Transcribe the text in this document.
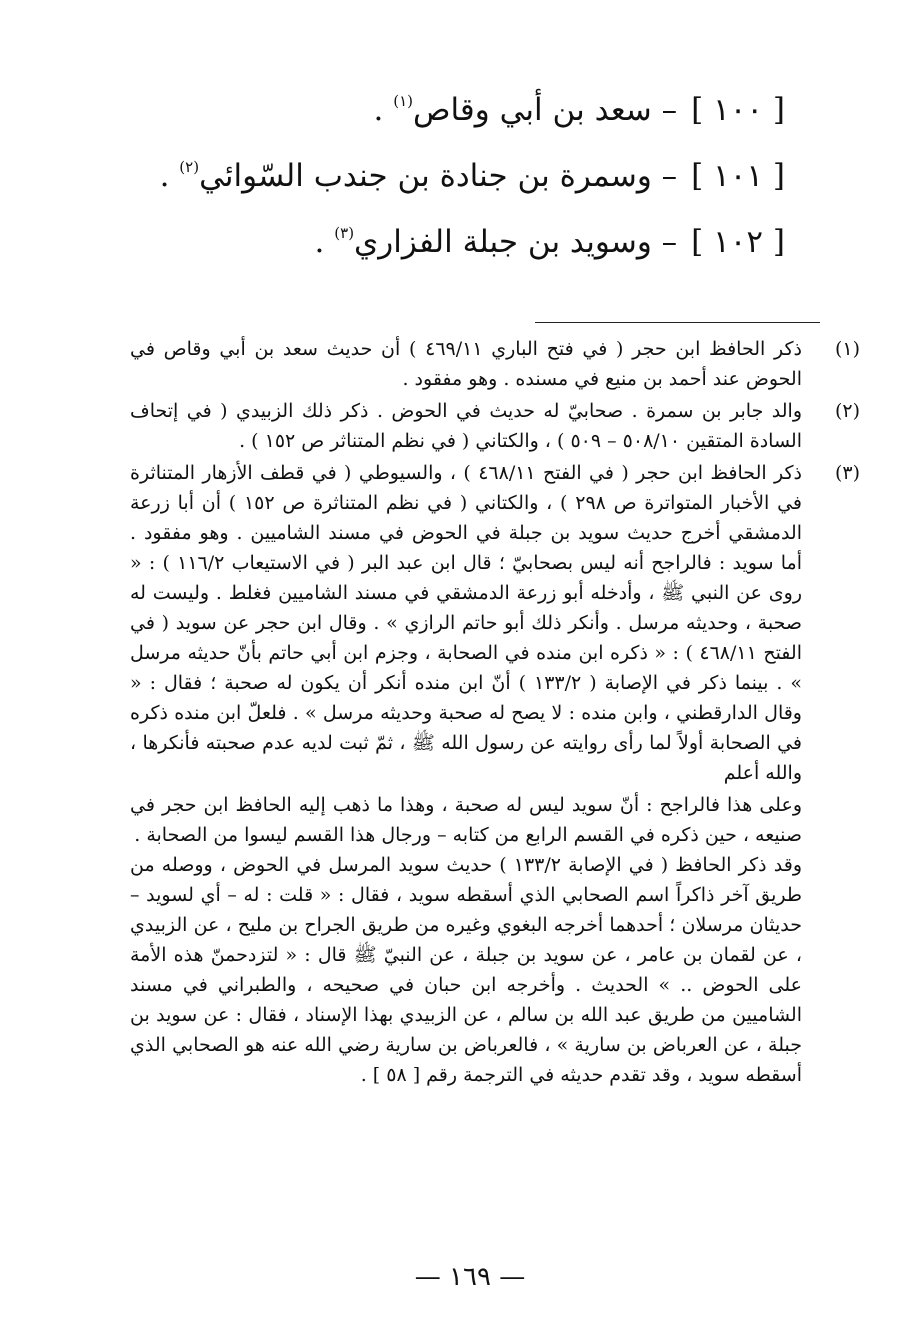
[ ١٠٠ ]– سعد بن أبي وقاص$^{(١)}$ .
[ ١٠١ ]– وسمرة بن جنادة بن جندب السّوائي$^{(٢)}$ .
[ ١٠٢ ]– وسويد بن جبلة الفزاري$^{(٣)}$ .
(١)

ذكر الحافظ ابن حجر ( في فتح الباري ٤٦٩/١١ ) أن حديث سعد بن أبي وقاص في الحوض عند أحمد بن منيع في مسنده . وهو مفقود .

(٢)

والد جابر بن سمرة . صحابيّ له حديث في الحوض . ذكر ذلك الزبيدي ( في إتحاف السادة المتقين ٥٠٨/١٠ – ٥٠٩ ) ، والكتاني ( في نظم المتناثر ص ١٥٢ ) .

(٣)

ذكر الحافظ ابن حجر ( في الفتح ٤٦٨/١١ ) ، والسيوطي ( في قطف الأزهار المتناثرة في الأخبار المتواترة ص ٢٩٨ ) ، والكتاني ( في نظم المتناثرة ص ١٥٢ ) أن أبا زرعة الدمشقي أخرج حديث سويد بن جبلة في الحوض في مسند الشاميين . وهو مفقود . أما سويد : فالراجح أنه ليس بصحابيّ ؛ قال ابن عبد البر ( في الاستيعاب ١١٦/٢ ) : « روى عن النبي ﷺ ، وأدخله أبو زرعة الدمشقي في مسند الشاميين فغلط . وليست له صحبة ، وحديثه مرسل . وأنكر ذلك أبو حاتم الرازي » . وقال ابن حجر عن سويد ( في الفتح ٤٦٨/١١ ) : « ذكره ابن منده في الصحابة ، وجزم ابن أبي حاتم بأنّ حديثه مرسل » . بينما ذكر في الإصابة ( ١٣٣/٢ ) أنّ ابن منده أنكر أن يكون له صحبة ؛ فقال : « وقال الدارقطني ، وابن منده : لا يصح له صحبة وحديثه مرسل » . فلعلّ ابن منده ذكره في الصحابة أولاً لما رأى روايته عن رسول الله ﷺ ، ثمّ ثبت لديه عدم صحبته فأنكرها ، والله أعلم

وعلى هذا فالراجح : أنّ سويد ليس له صحبة ، وهذا ما ذهب إليه الحافظ ابن حجر في صنيعه ، حين ذكره في القسم الرابع من كتابه – ورجال هذا القسم ليسوا من الصحابة .

وقد ذكر الحافظ ( في الإصابة ١٣٣/٢ ) حديث سويد المرسل في الحوض ، ووصله من طريق آخر ذاكراً اسم الصحابي الذي أسقطه سويد ، فقال : « قلت : له – أي لسويد – حديثان مرسلان ؛ أحدهما أخرجه البغوي وغيره من طريق الجراح بن مليح ، عن الزبيدي ، عن لقمان بن عامر ، عن سويد بن جبلة ، عن النبيّ ﷺ قال : « لتزدحمنّ هذه الأمة على الحوض .. » الحديث . وأخرجه ابن حبان في صحيحه ، والطبراني في مسند الشاميين من طريق عبد الله بن سالم ، عن الزبيدي بهذا الإسناد ، فقال : عن سويد بن جبلة ، عن العرباض بن سارية » ، فالعرباض بن سارية رضي الله عنه هو الصحابي الذي أسقطه سويد ، وقد تقدم حديثه في الترجمة رقم [ ٥٨ ] .

— ١٦٩ —
